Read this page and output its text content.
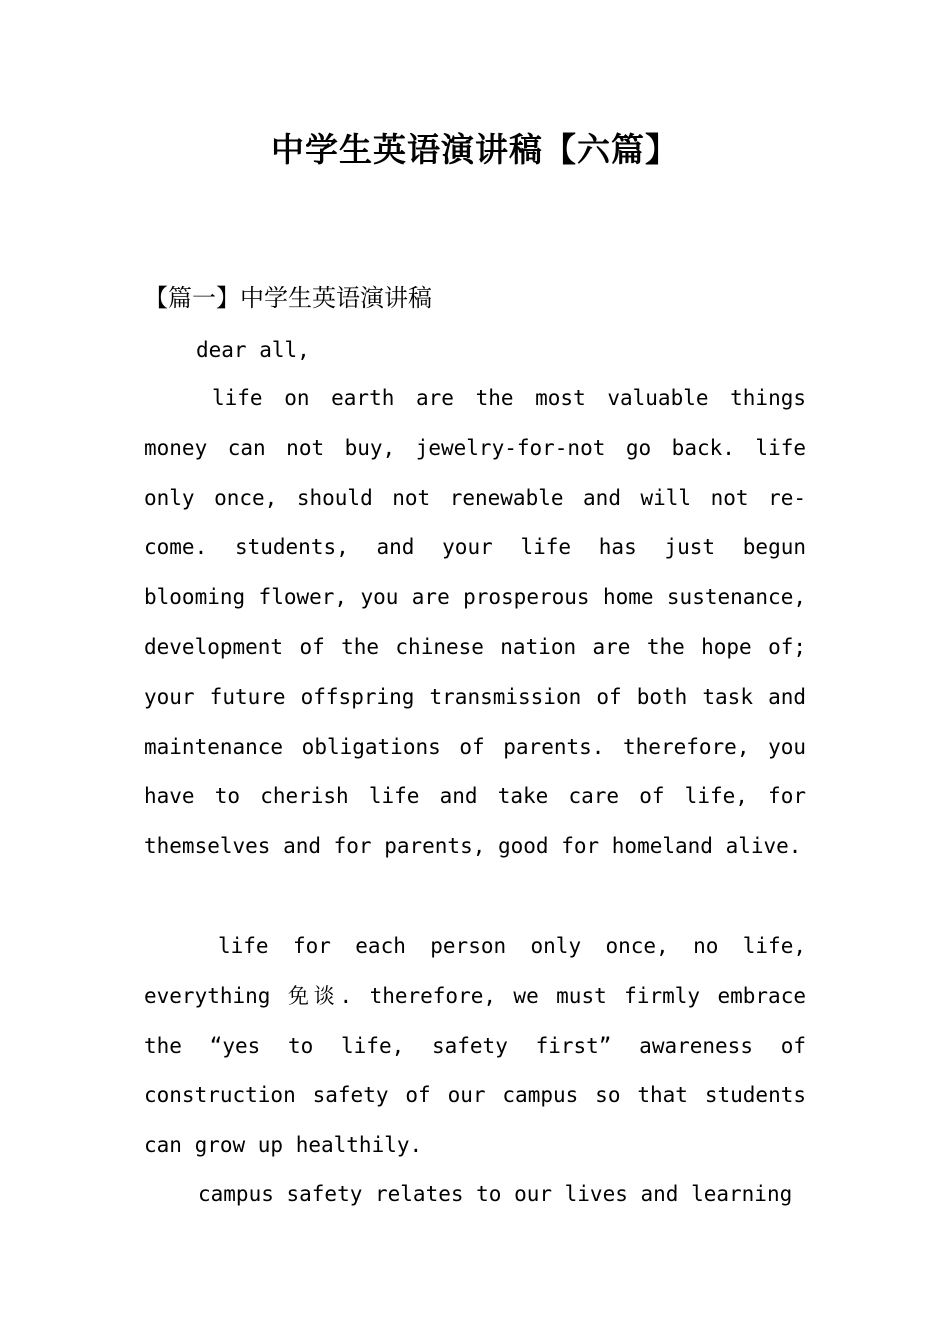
中学生英语演讲稿【六篇】
【篇一】中学生英语演讲稿
dear all,

life on earth are the most valuable things money can not buy, jewelry-for-not go back. life only once, should not renewable and will not re-come. students, and your life has just begun blooming flower, you are prosperous home sustenance, development of the chinese nation are the hope of; your future offspring transmission of both task and maintenance obligations of parents. therefore, you have to cherish life and take care of life, for themselves and for parents, good for homeland alive.

life for each person only once, no life, everything 免谈. therefore, we must firmly embrace the “yes to life, safety first” awareness of construction safety of our campus so that students can grow up healthily.

campus safety relates to our lives and learning
